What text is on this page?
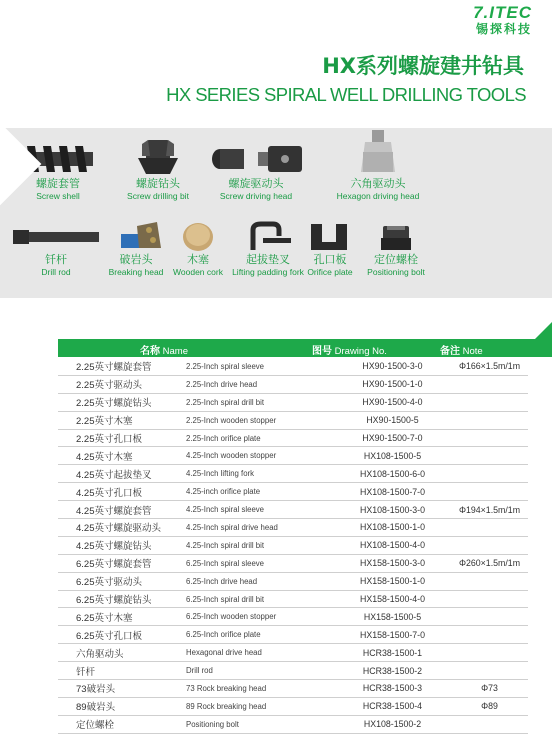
7.ITEC
锡探科技
HX系列螺旋建井钻具
HX SERIES SPIRAL WELL DRILLING TOOLS
螺旋套管
Screw shell
螺旋钻头
Screw drilling bit
螺旋驱动头
Screw driving head
六角驱动头
Hexagon driving head
钎杆
Drill rod
破岩头
Breaking head
木塞
Wooden cork
起拔垫叉
Lifting padding fork
孔口板
Orifice plate
定位螺栓
Positioning bolt
名称 Name	图号 Drawing No.	备注 Note
2.25英寸螺旋套管	2.25-Inch spiral sleeve	HX90-1500-3-0	Φ166×1.5m/1m
2.25英寸驱动头	2.25-Inch drive head	HX90-1500-1-0	
2.25英寸螺旋钻头	2.25-Inch spiral drill bit	HX90-1500-4-0	
2.25英寸木塞	2.25-Inch wooden stopper	HX90-1500-5	
2.25英寸孔口板	2.25-Inch orifice plate	HX90-1500-7-0	
4.25英寸木塞	4.25-Inch wooden stopper	HX108-1500-5	
4.25英寸起拔垫叉	4.25-Inch lifting fork	HX108-1500-6-0	
4.25英寸孔口板	4.25-inch orifice plate	HX108-1500-7-0	
4.25英寸螺旋套管	4.25-Inch spiral sleeve	HX108-1500-3-0	Φ194×1.5m/1m
4.25英寸螺旋驱动头	4.25-Inch spiral drive head	HX108-1500-1-0	
4.25英寸螺旋钻头	4.25-Inch spiral drill bit	HX108-1500-4-0	
6.25英寸螺旋套管	6.25-Inch spiral sleeve	HX158-1500-3-0	Φ260×1.5m/1m
6.25英寸驱动头	6.25-Inch drive head	HX158-1500-1-0	
6.25英寸螺旋钻头	6.25-Inch spiral drill bit	HX158-1500-4-0	
6.25英寸木塞	6.25-Inch wooden stopper	HX158-1500-5	
6.25英寸孔口板	6.25-Inch orifice plate	HX158-1500-7-0	
六角驱动头	Hexagonal drive head	HCR38-1500-1	
钎杆	Drill rod	HCR38-1500-2	
73破岩头	73 Rock breaking head	HCR38-1500-3	Φ73
89破岩头	89 Rock breaking head	HCR38-1500-4	Φ89
定位螺栓	Positioning bolt	HX108-1500-2	
